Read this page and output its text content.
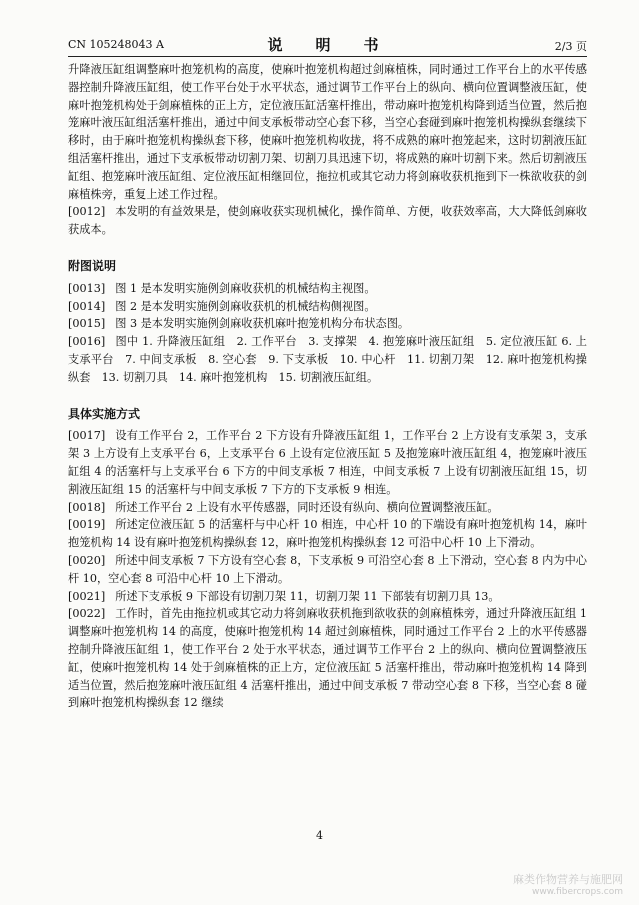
CN 105248043 A	说　明　书	2/3 页

升降液压缸组调整麻叶抱笼机构的高度，使麻叶抱笼机构超过剑麻植株，同时通过工作平台上的水平传感器控制升降液压缸组，使工作平台处于水平状态，通过调节工作平台上的纵向、横向位置调整液压缸，使麻叶抱笼机构处于剑麻植株的正上方，定位液压缸活塞杆推出，带动麻叶抱笼机构降到适当位置，然后抱笼麻叶液压缸组活塞杆推出，通过中间支承板带动空心套下移，当空心套碰到麻叶抱笼机构操纵套继续下移时，由于麻叶抱笼机构操纵套下移，使麻叶抱笼机构收拢，将不成熟的麻叶抱笼起来，这时切割液压缸组活塞杆推出，通过下支承板带动切割刀架、切割刀具迅速下切，将成熟的麻叶切割下来。然后切割液压缸组、抱笼麻叶液压缸组、定位液压缸相继回位，拖拉机或其它动力将剑麻收获机拖到下一株欲收获的剑麻植株旁，重复上述工作过程。

[0012] 本发明的有益效果是，使剑麻收获实现机械化，操作简单、方便，收获效率高，大大降低剑麻收获成本。

附图说明

[0013] 图 1 是本发明实施例剑麻收获机的机械结构主视图。

[0014] 图 2 是本发明实施例剑麻收获机的机械结构侧视图。

[0015] 图 3 是本发明实施例剑麻收获机麻叶抱笼机构分布状态图。

[0016] 图中 1. 升降液压缸组　2. 工作平台　3. 支撑架　4. 抱笼麻叶液压缸组　5. 定位液压缸 6. 上支承平台　7. 中间支承板　8. 空心套　9. 下支承板　10. 中心杆　11. 切割刀架　12. 麻叶抱笼机构操纵套　13. 切割刀具　14. 麻叶抱笼机构　15. 切割液压缸组。

具体实施方式

[0017] 设有工作平台 2，工作平台 2 下方设有升降液压缸组 1，工作平台 2 上方设有支承架 3，支承架 3 上方设有上支承平台 6，上支承平台 6 上设有定位液压缸 5 及抱笼麻叶液压缸组 4，抱笼麻叶液压缸组 4 的活塞杆与上支承平台 6 下方的中间支承板 7 相连，中间支承板 7 上设有切割液压缸组 15，切割液压缸组 15 的活塞杆与中间支承板 7 下方的下支承板 9 相连。

[0018] 所述工作平台 2 上设有水平传感器，同时还设有纵向、横向位置调整液压缸。

[0019] 所述定位液压缸 5 的活塞杆与中心杆 10 相连，中心杆 10 的下端设有麻叶抱笼机构 14，麻叶抱笼机构 14 设有麻叶抱笼机构操纵套 12，麻叶抱笼机构操纵套 12 可沿中心杆 10 上下滑动。

[0020] 所述中间支承板 7 下方设有空心套 8，下支承板 9 可沿空心套 8 上下滑动，空心套 8 内为中心杆 10，空心套 8 可沿中心杆 10 上下滑动。

[0021] 所述下支承板 9 下部设有切割刀架 11，切割刀架 11 下部装有切割刀具 13。

[0022] 工作时，首先由拖拉机或其它动力将剑麻收获机拖到欲收获的剑麻植株旁，通过升降液压缸组 1 调整麻叶抱笼机构 14 的高度，使麻叶抱笼机构 14 超过剑麻植株，同时通过工作平台 2 上的水平传感器控制升降液压缸组 1，使工作平台 2 处于水平状态，通过调节工作平台 2 上的纵向、横向位置调整液压缸，使麻叶抱笼机构 14 处于剑麻植株的正上方，定位液压缸 5 活塞杆推出，带动麻叶抱笼机构 14 降到适当位置，然后抱笼麻叶液压缸组 4 活塞杆推出，通过中间支承板 7 带动空心套 8 下移，当空心套 8 碰到麻叶抱笼机构操纵套 12 继续

4
麻类作物营养与施肥网
www.fibercrops.com
